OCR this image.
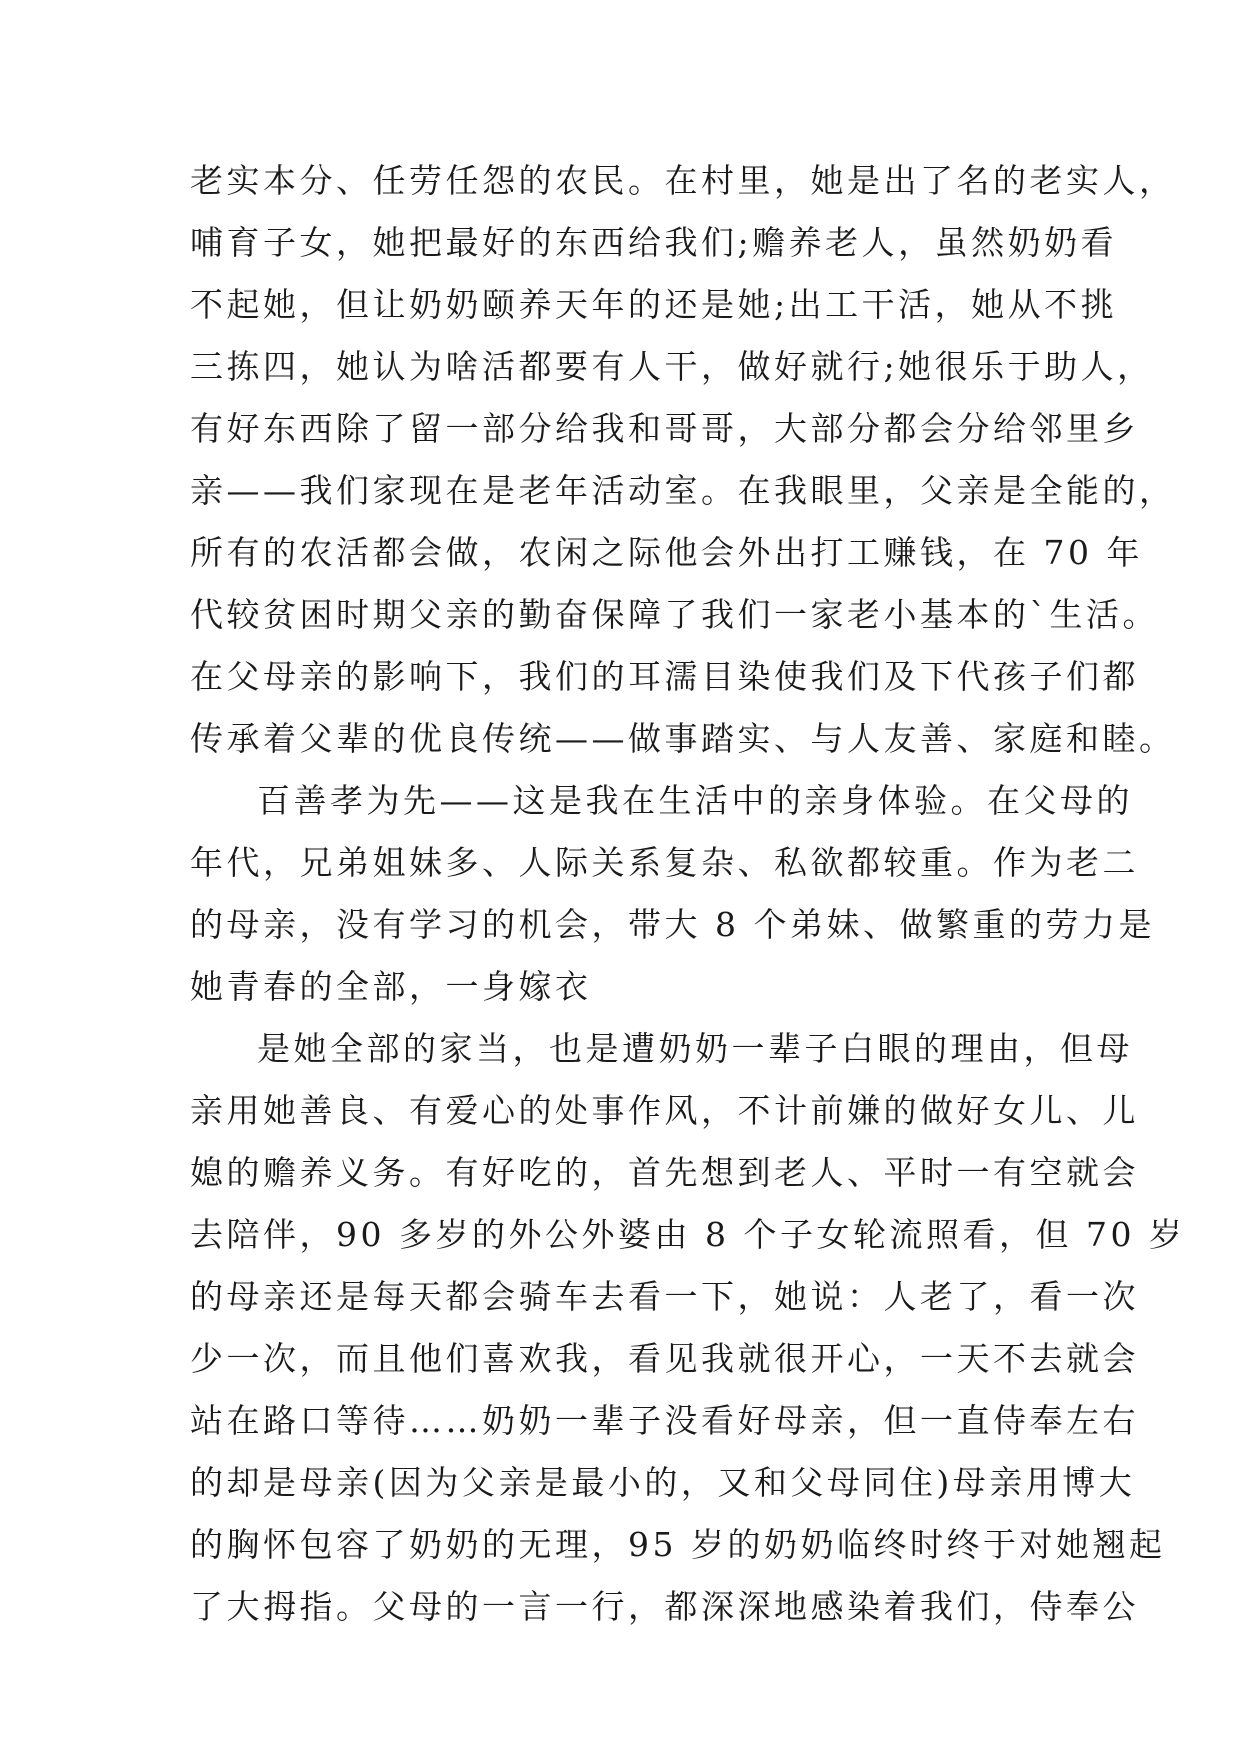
老实本分、任劳任怨的农民。在村里，她是出了名的老实人，
哺育子女，她把最好的东西给我们;赡养老人，虽然奶奶看
不起她，但让奶奶颐养天年的还是她;出工干活，她从不挑
三拣四，她认为啥活都要有人干，做好就行;她很乐于助人，
有好东西除了留一部分给我和哥哥，大部分都会分给邻里乡
亲——我们家现在是老年活动室。在我眼里，父亲是全能的，
所有的农活都会做，农闲之际他会外出打工赚钱，在 70 年
代较贫困时期父亲的勤奋保障了我们一家老小基本的`生活。
在父母亲的影响下，我们的耳濡目染使我们及下代孩子们都
传承着父辈的优良传统——做事踏实、与人友善、家庭和睦。
百善孝为先——这是我在生活中的亲身体验。在父母的
年代，兄弟姐妹多、人际关系复杂、私欲都较重。作为老二
的母亲，没有学习的机会，带大 8 个弟妹、做繁重的劳力是
她青春的全部，一身嫁衣
是她全部的家当，也是遭奶奶一辈子白眼的理由，但母
亲用她善良、有爱心的处事作风，不计前嫌的做好女儿、儿
媳的赡养义务。有好吃的，首先想到老人、平时一有空就会
去陪伴，90 多岁的外公外婆由 8 个子女轮流照看，但 70 岁
的母亲还是每天都会骑车去看一下，她说：人老了，看一次
少一次，而且他们喜欢我，看见我就很开心，一天不去就会
站在路口等待……奶奶一辈子没看好母亲，但一直侍奉左右
的却是母亲(因为父亲是最小的，又和父母同住)母亲用博大
的胸怀包容了奶奶的无理，95 岁的奶奶临终时终于对她翘起
了大拇指。父母的一言一行，都深深地感染着我们，侍奉公
